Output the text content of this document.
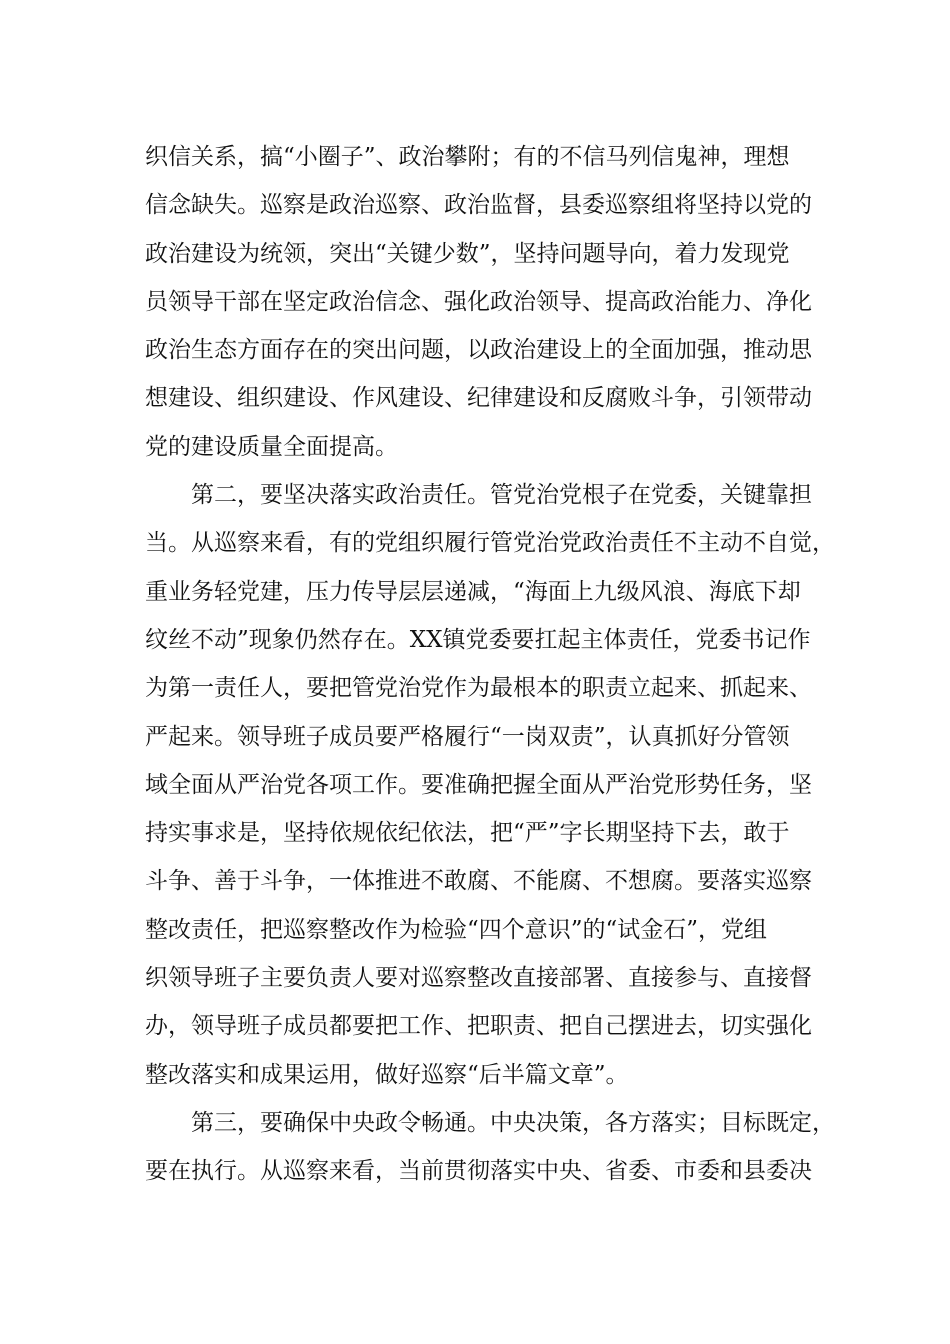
织信关系，搞“小圈子”、政治攀附；有的不信马列信鬼神，理想
信念缺失。巡察是政治巡察、政治监督，县委巡察组将坚持以党的
政治建设为统领，突出“关键少数”，坚持问题导向，着力发现党
员领导干部在坚定政治信念、强化政治领导、提高政治能力、净化
政治生态方面存在的突出问题，以政治建设上的全面加强，推动思
想建设、组织建设、作风建设、纪律建设和反腐败斗争，引领带动
党的建设质量全面提高。
第二，要坚决落实政治责任。管党治党根子在党委，关键靠担
当。从巡察来看，有的党组织履行管党治党政治责任不主动不自觉，
重业务轻党建，压力传导层层递减，“海面上九级风浪、海底下却
纹丝不动”现象仍然存在。XX镇党委要扛起主体责任，党委书记作
为第一责任人，要把管党治党作为最根本的职责立起来、抓起来、
严起来。领导班子成员要严格履行“一岗双责”，认真抓好分管领
域全面从严治党各项工作。要准确把握全面从严治党形势任务，坚
持实事求是，坚持依规依纪依法，把“严”字长期坚持下去，敢于
斗争、善于斗争，一体推进不敢腐、不能腐、不想腐。要落实巡察
整改责任，把巡察整改作为检验“四个意识”的“试金石”，党组
织领导班子主要负责人要对巡察整改直接部署、直接参与、直接督
办，领导班子成员都要把工作、把职责、把自己摆进去，切实强化
整改落实和成果运用，做好巡察“后半篇文章”。
第三，要确保中央政令畅通。中央决策，各方落实；目标既定，
要在执行。从巡察来看，当前贯彻落实中央、省委、市委和县委决
